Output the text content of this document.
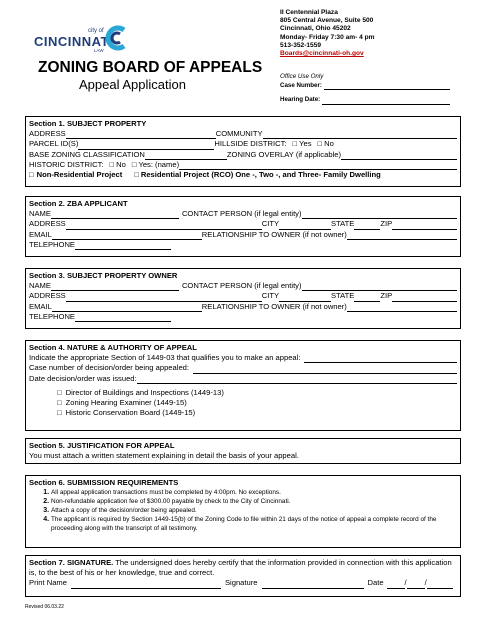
city of
CINCINNATI
LAW
ZONING BOARD OF APPEALS
Appeal Application
II Centennial Plaza
805 Central Avenue, Suite 500
Cincinnati, Ohio 45202
Monday- Friday 7:30 am- 4 pm
513-352-1559
Boards@cincinnati-oh.gov
Office Use Only
Case Number:
Hearing Date:
Section 1. SUBJECT PROPERTY
ADDRESS	COMMUNITY
PARCEL ID(S)	HILLSIDE DISTRICT: □ Yes □ No
BASE ZONING CLASSIFICATION	ZONING OVERLAY (if applicable)
HISTORIC DISTRICT: □ No □ Yes: (name)
□ Non-Residential Project □ Residential Project (RCO) One -, Two -, and Three- Family Dwelling
Section 2. ZBA APPLICANT
NAME	CONTACT PERSON (if legal entity)
ADDRESS	CITY	STATE	ZIP
EMAIL	RELATIONSHIP TO OWNER (if not owner)
TELEPHONE
Section 3. SUBJECT PROPERTY OWNER
NAME	CONTACT PERSON (if legal entity)
ADDRESS	CITY	STATE	ZIP
EMAIL	RELATIONSHIP TO OWNER (if not owner)
TELEPHONE
Section 4. NATURE & AUTHORITY OF APPEAL
Indicate the appropriate Section of 1449-03 that qualifies you to make an appeal:
Case number of decision/order being appealed:
Date decision/order was issued:
□ Director of Buildings and Inspections (1449-13)
□ Zoning Hearing Examiner (1449-15)
□ Historic Conservation Board (1449-15)
Section 5. JUSTIFICATION FOR APPEAL
You must attach a written statement explaining in detail the basis of your appeal.
Section 6. SUBMISSION REQUIREMENTS
1. All appeal application transactions must be completed by 4:00pm. No exceptions.
2. Non-refundable application fee of $300.00 payable by check to the City of Cincinnati.
3. Attach a copy of the decision/order being appealed.
4. The applicant is required by Section 1449-15(b) of the Zoning Code to file within 21 days of the notice of appeal a complete record of the proceeding along with the transcript of all testimony.
Section 7. SIGNATURE. The undersigned does hereby certify that the information provided in connection with this application is, to the best of his or her knowledge, true and correct.
Print Name	Signature	Date	/ /
Revised 06.03.22
